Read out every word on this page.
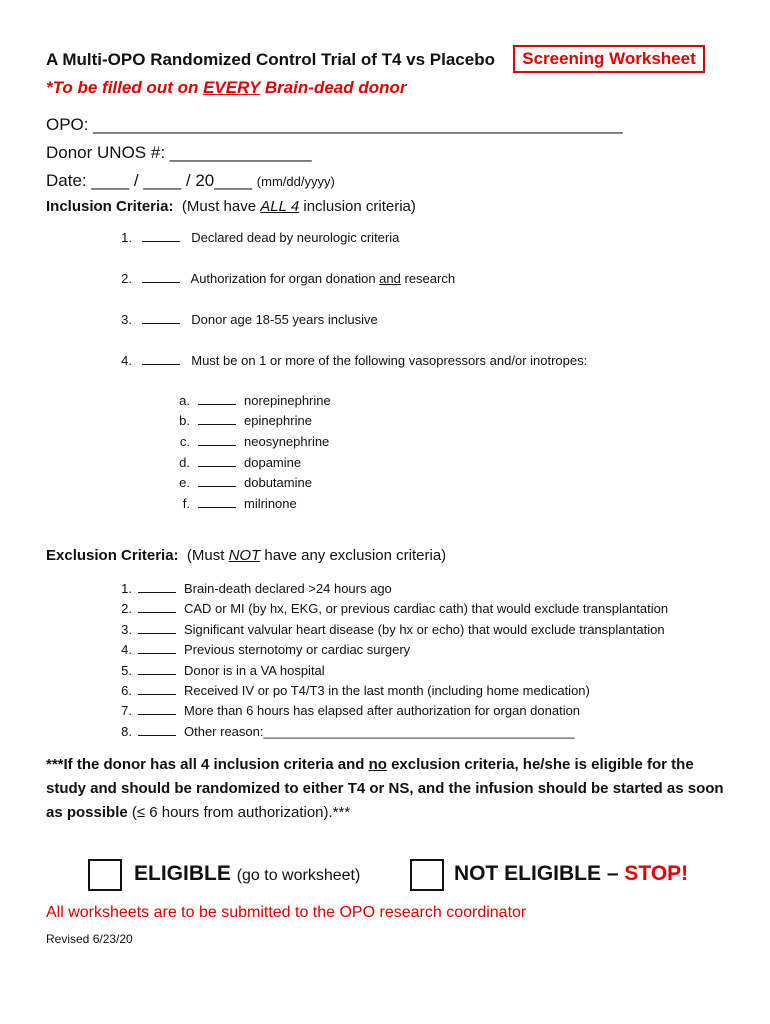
A Multi-OPO Randomized Control Trial of T4 vs Placebo Screening Worksheet
*To be filled out on EVERY Brain-dead donor
OPO: ________________________________________________________
Donor UNOS #: _______________
Date: ____ / ____ / 20____ (mm/dd/yyyy)
Inclusion Criteria: (Must have ALL 4 inclusion criteria)
1.	Declared dead by neurologic criteria
2.	Authorization for organ donation and research
3.	Donor age 18-55 years inclusive
4.	Must be on 1 or more of the following vasopressors and/or inotropes:
a.	norepinephrine
b.	epinephrine
c.	neosynephrine
d.	dopamine
e.	dobutamine
f.	milrinone
Exclusion Criteria: (Must NOT have any exclusion criteria)
1.	Brain-death declared >24 hours ago
2.	CAD or MI (by hx, EKG, or previous cardiac cath) that would exclude transplantation
3.	Significant valvular heart disease (by hx or echo) that would exclude transplantation
4.	Previous sternotomy or cardiac surgery
5.	Donor is in a VA hospital
6.	Received IV or po T4/T3 in the last month (including home medication)
7.	More than 6 hours has elapsed after authorization for organ donation
8.	Other reason:___________________________________________
***If the donor has all 4 inclusion criteria and no exclusion criteria, he/she is eligible for the study and should be randomized to either T4 or NS, and the infusion should be started as soon as possible (≤ 6 hours from authorization).***
ELIGIBLE (go to worksheet)	NOT ELIGIBLE – STOP!
All worksheets are to be submitted to the OPO research coordinator
Revised 6/23/20
